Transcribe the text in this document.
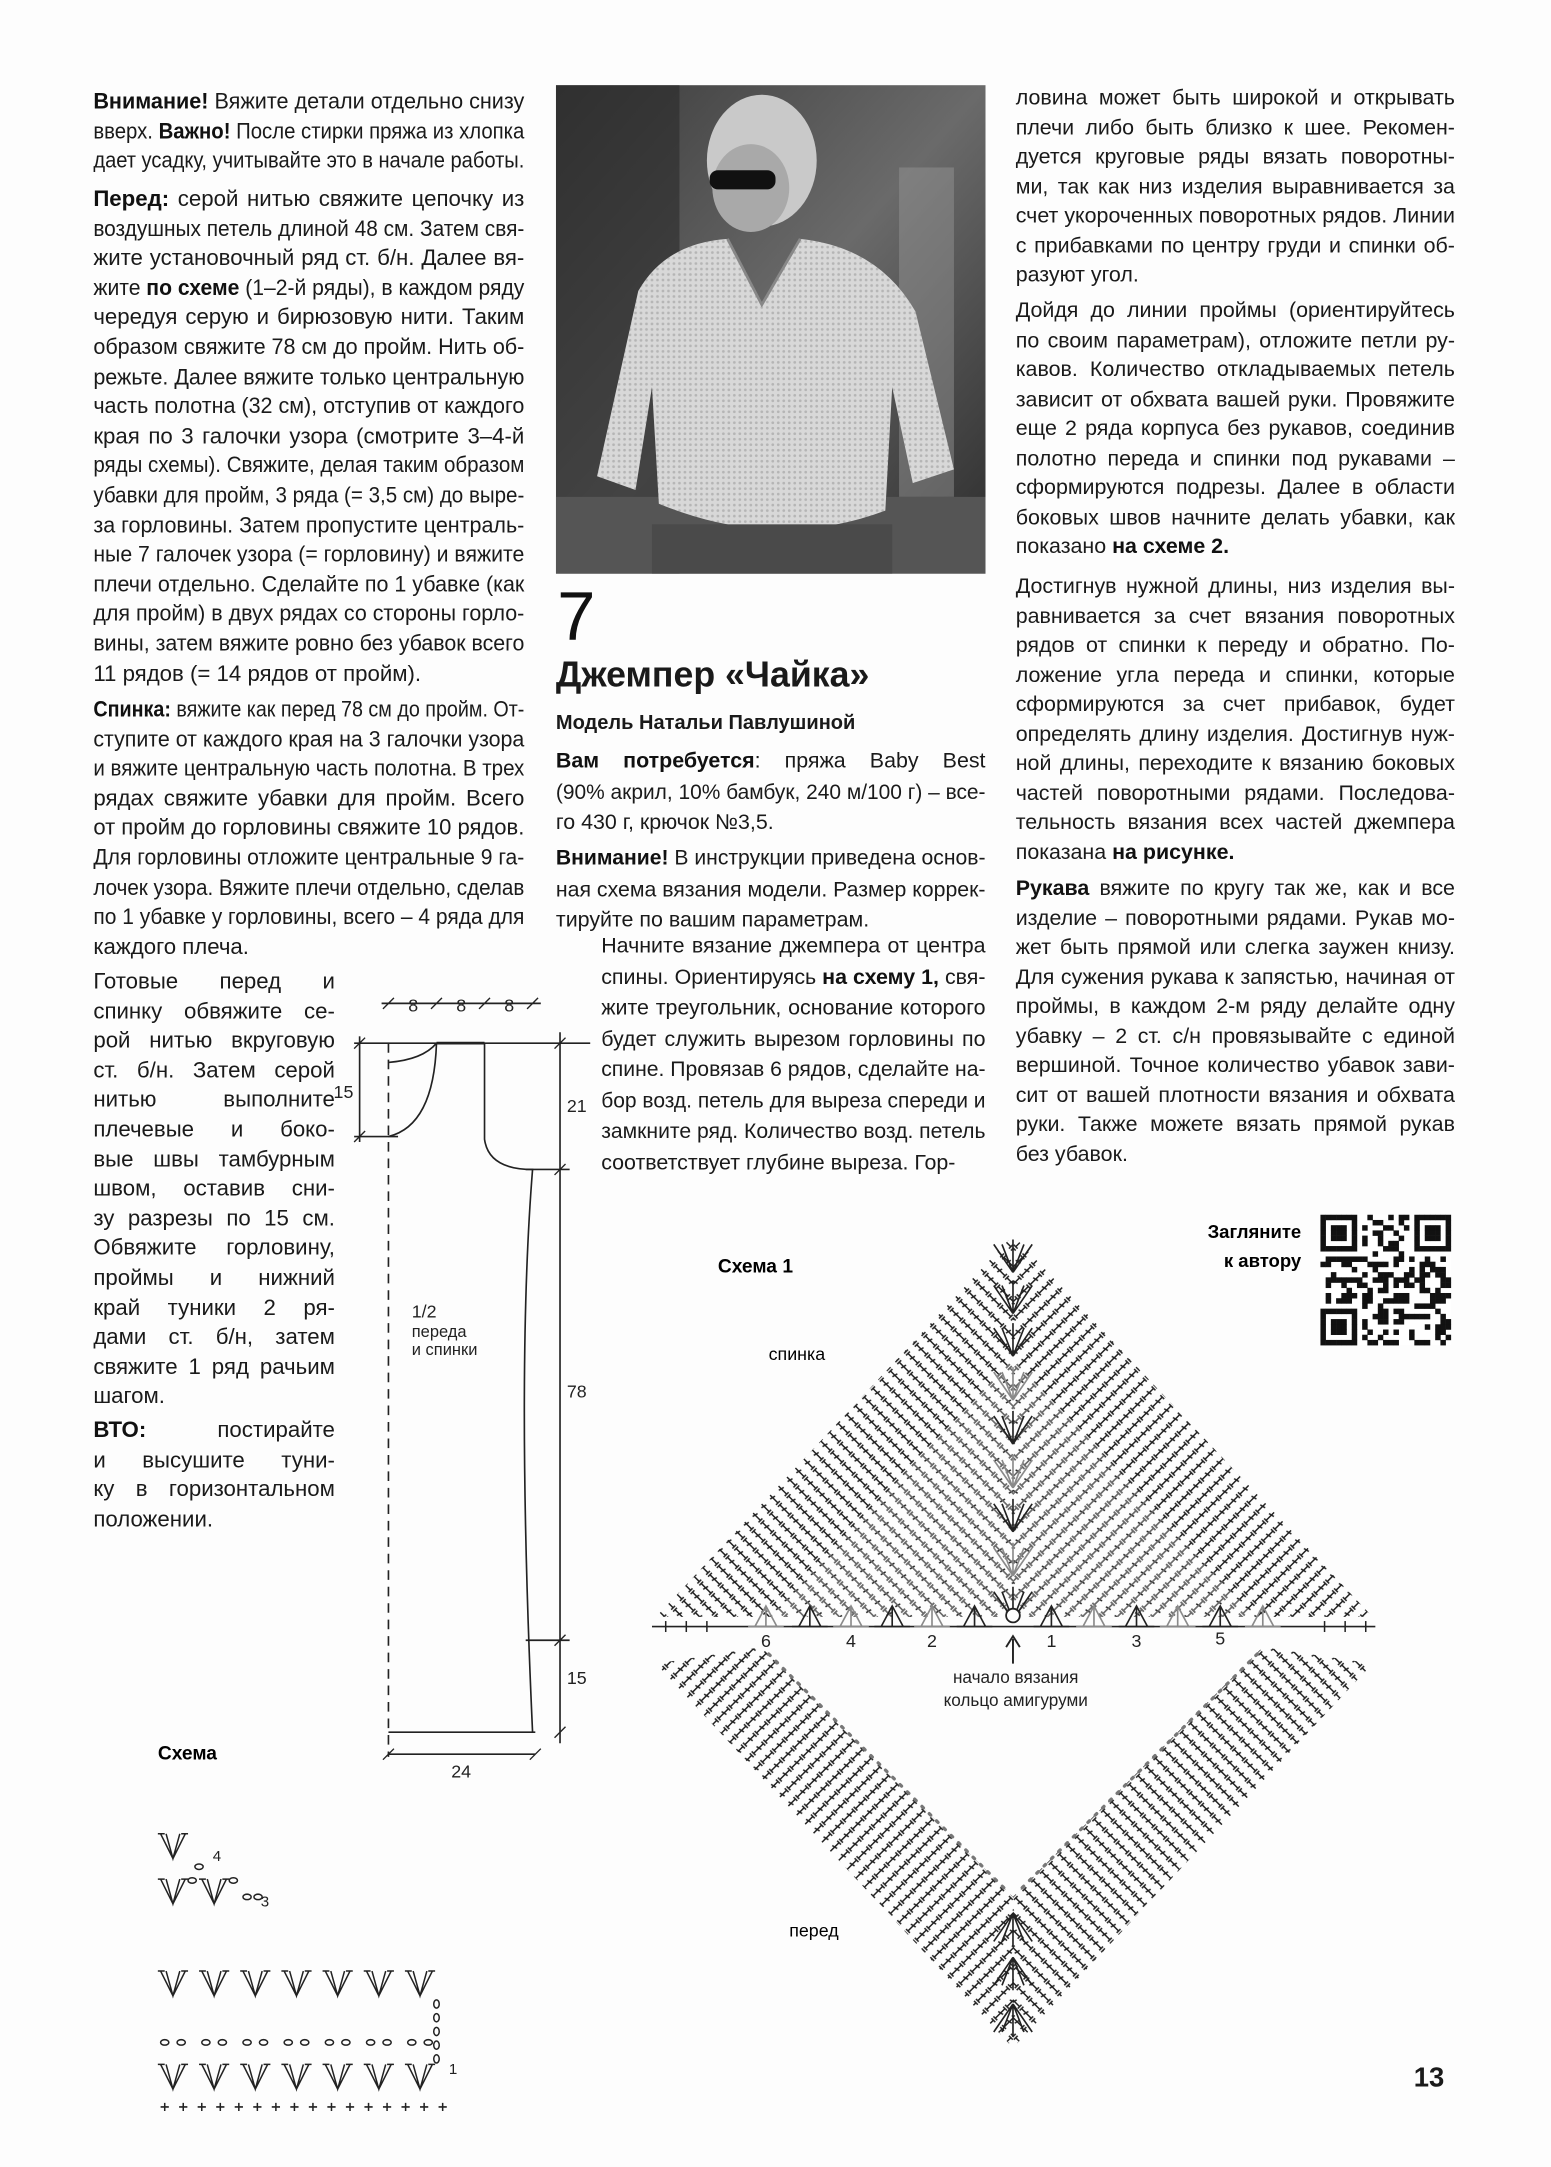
Внимание! Вяжите детали отдельно снизу
вверх. Важно! После стирки пряжа из хлопка
дает усадку, учитывайте это в начале работы.
Перед: серой нитью свяжите цепочку из
воздушных петель длиной 48 см. Затем свя-
жите установочный ряд ст. б/н. Далее вя-
жите по схеме (1–2-й ряды), в каждом ряду
чередуя серую и бирюзовую нити. Таким
образом свяжите 78 см до пройм. Нить об-
режьте. Далее вяжите только центральную
часть полотна (32 см), отступив от каждого
края по 3 галочки узора (смотрите 3–4-й
ряды схемы). Свяжите, делая таким образом
убавки для пройм, 3 ряда (= 3,5 см) до выре-
за горловины. Затем пропустите централь-
ные 7 галочек узора (= горловину) и вяжите
плечи отдельно. Сделайте по 1 убавке (как
для пройм) в двух рядах со стороны горло-
вины, затем вяжите ровно без убавок всего
11 рядов (= 14 рядов от пройм).
Спинка: вяжите как перед 78 см до пройм. От-
ступите от каждого края на 3 галочки узора
и вяжите центральную часть полотна. В трех
рядах свяжите убавки для пройм. Всего
от пройм до горловины свяжите 10 рядов.
Для горловины отложите центральные 9 га-
лочек узора. Вяжите плечи отдельно, сделав
по 1 убавке у горловины, всего – 4 ряда для
каждого плеча.
Готовые перед и
спинку обвяжите се-
рой нитью вкруговую
ст. б/н. Затем серой
нитью выполните
плечевые и боко-
вые швы тамбурным
швом, оставив сни-
зу разрезы по 15 см.
Обвяжите горловину,
проймы и нижний
край туники 2 ря-
дами ст. б/н, затем
свяжите 1 ряд рачьим
шагом.
ВТО: постирайте
и высушите туни-
ку в горизонтальном
положении.
7
Джемпер «Чайка»
Модель Натальи Павлушиной
Вам потребуется: пряжа Baby Best
(90% акрил, 10% бамбук, 240 м/100 г) – все-
го 430 г, крючок №3,5.
Внимание! В инструкции приведена основ-
ная схема вязания модели. Размер коррек-
тируйте по вашим параметрам.
Начните вязание джемпера от центра
спины. Ориентируясь на схему 1, свя-
жите треугольник, основание которого
будет служить вырезом горловины по
спине. Провязав 6 рядов, сделайте на-
бор возд. петель для выреза спереди и
замкните ряд. Количество возд. петель
соответствует глубине выреза. Гор-
ловина может быть широкой и открывать
плечи либо быть близко к шее. Рекомен-
дуется круговые ряды вязать поворотны-
ми, так как низ изделия выравнивается за
счет укороченных поворотных рядов. Линии
с прибавками по центру груди и спинки об-
разуют угол.
Дойдя до линии проймы (ориентируйтесь
по своим параметрам), отложите петли ру-
кавов. Количество откладываемых петель
зависит от обхвата вашей руки. Провяжите
еще 2 ряда корпуса без рукавов, соединив
полотно переда и спинки под рукавами –
сформируются подрезы. Далее в области
боковых швов начните делать убавки, как
показано на схеме 2.
Достигнув нужной длины, низ изделия вы-
равнивается за счет вязания поворотных
рядов от спинки к переду и обратно. По-
ложение угла переда и спинки, которые
сформируются за счет прибавок, будет
определять длину изделия. Достигнув нуж-
ной длины, переходите к вязанию боковых
частей поворотными рядами. Последова-
тельность вязания всех частей джемпера
показана на рисунке.
Рукава вяжите по кругу так же, как и все
изделие – поворотными рядами. Рукав мо-
жет быть прямой или слегка заужен книзу.
Для сужения рукава к запястью, начиная от
проймы, в каждом 2-м ряду делайте одну
убавку – 2 ст. с/н провязывайте с единой
вершиной. Точное количество убавок зави-
сит от вашей плотности вязания и обхвата
руки. Также можете вязать прямой рукав
без убавок.
8	8	8
15
21
78
15
24
1/2
переда
и спинки
Схема
4
3
1
Схема 1
спинка
перед
6	4	2	1	3	5
начало вязания
кольцо амигуруми
Загляните
к автору
13
